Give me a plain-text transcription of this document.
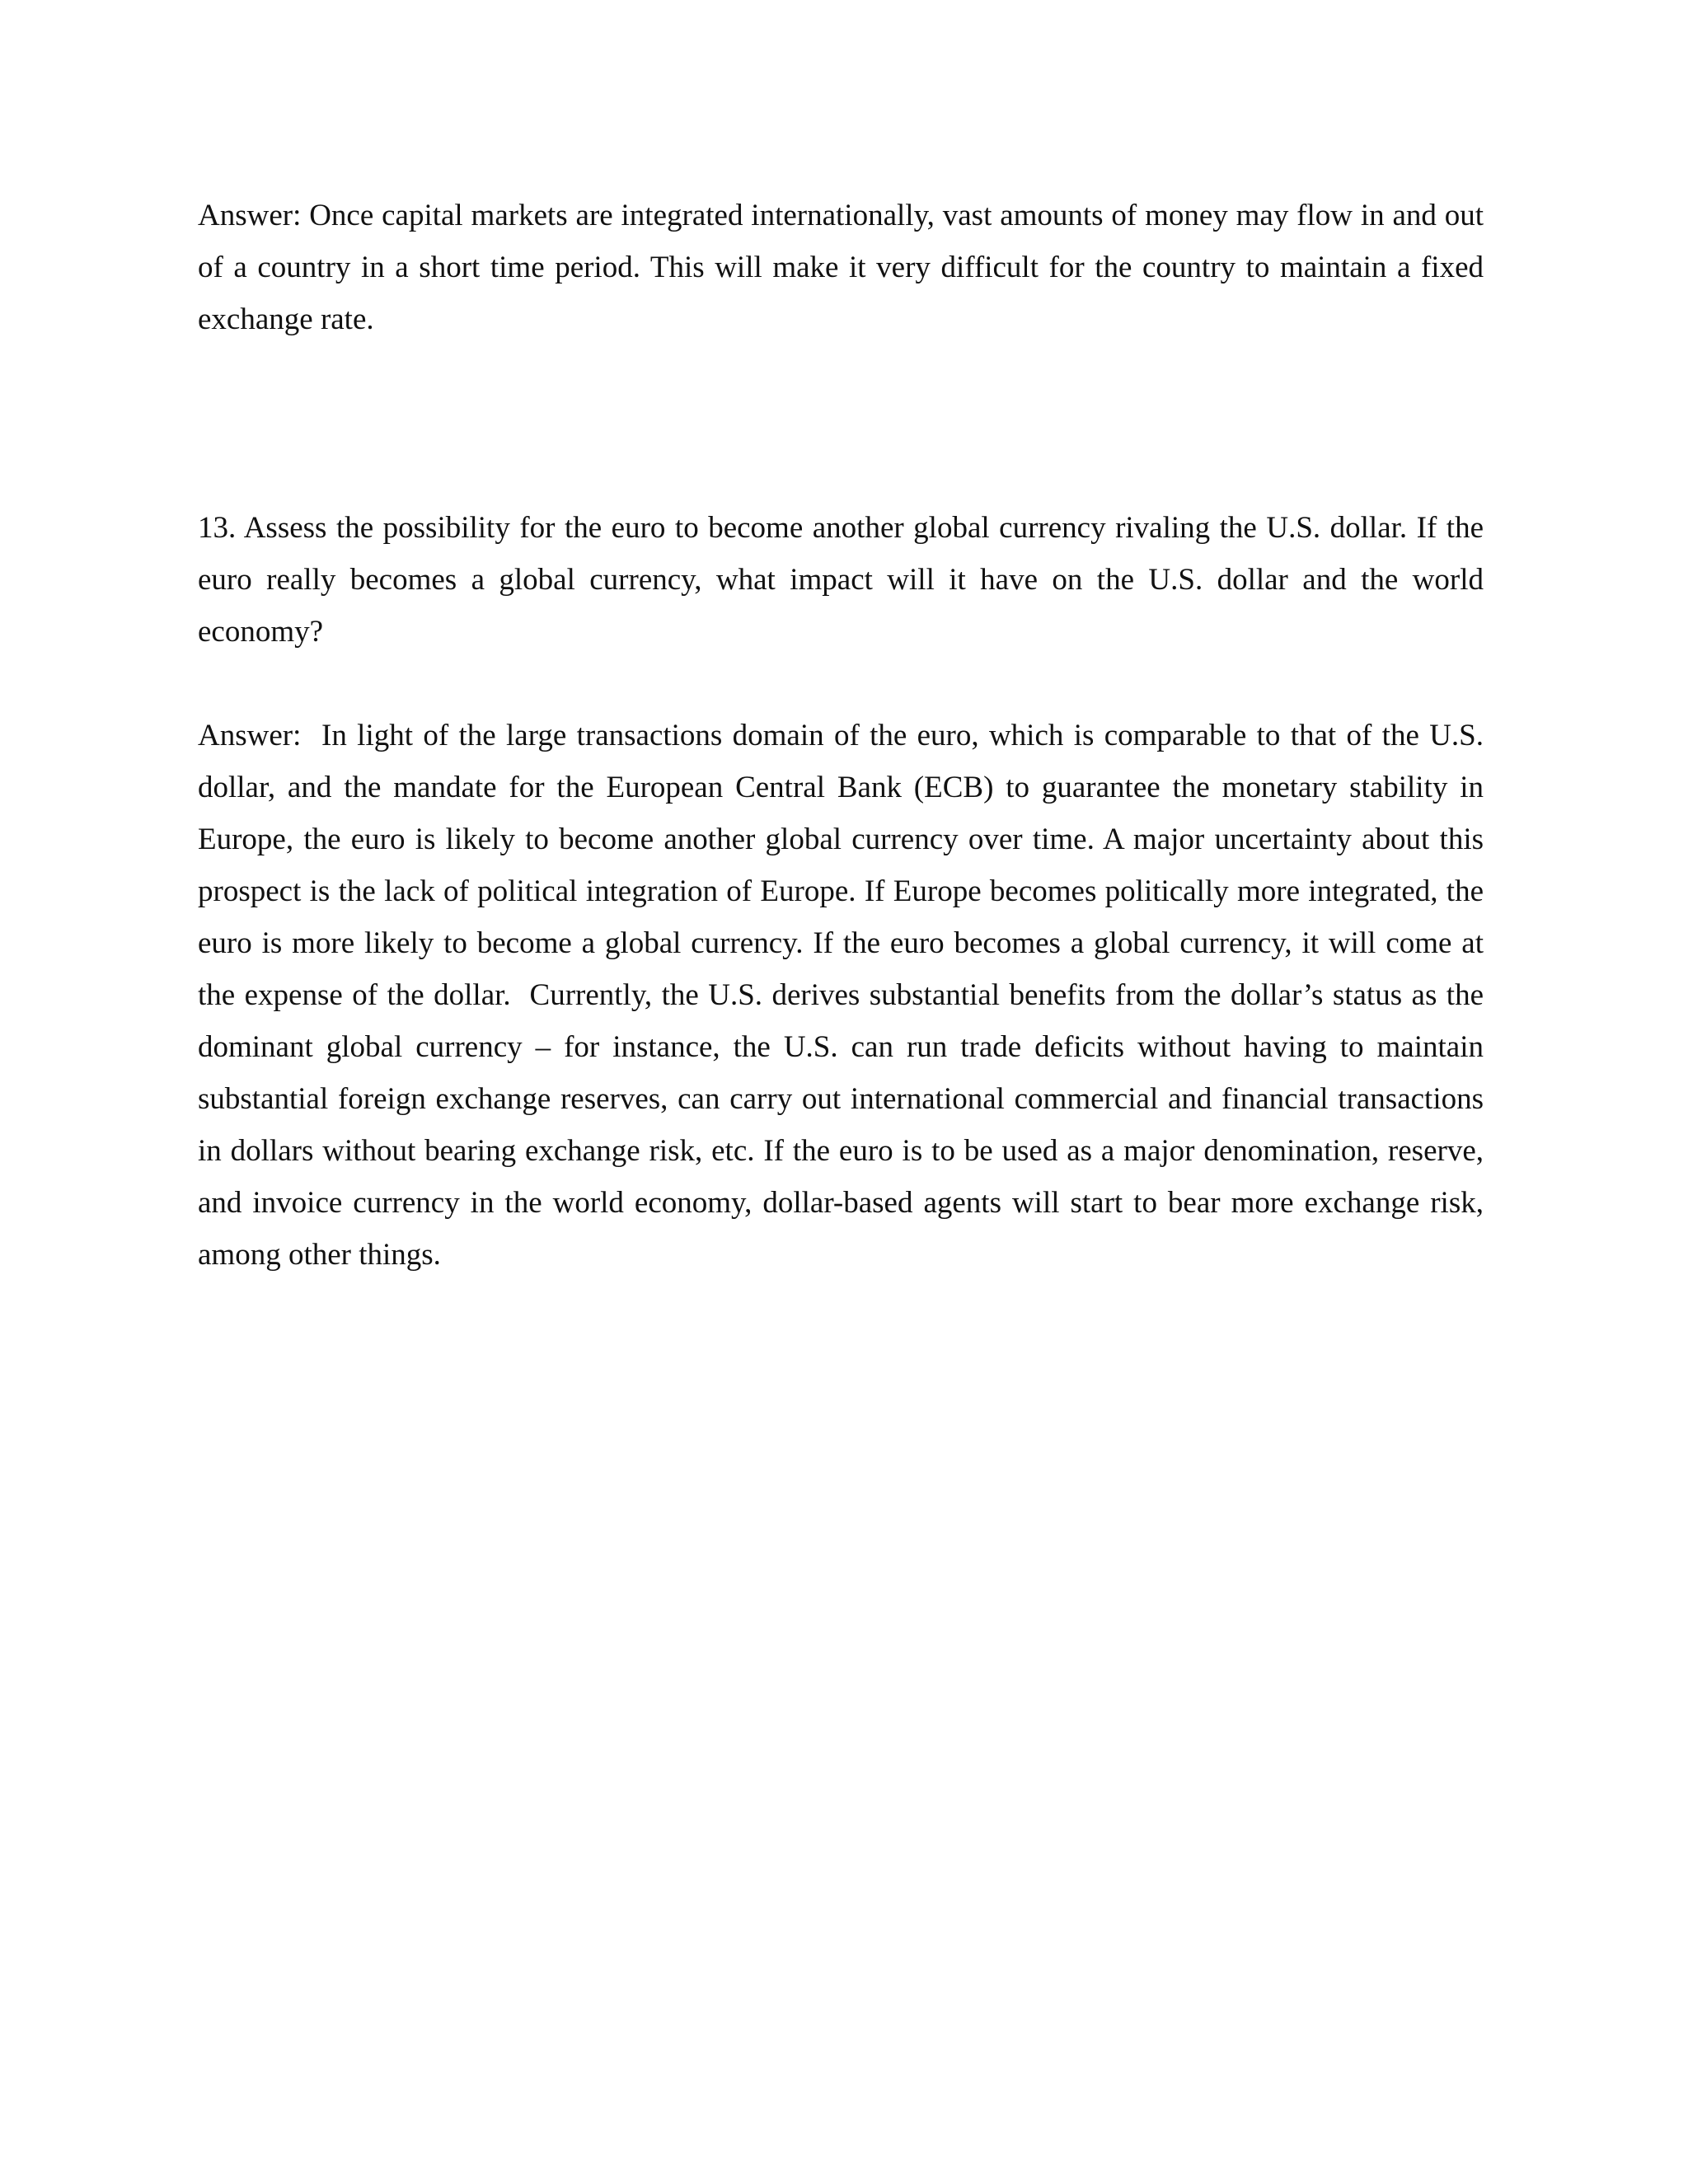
Answer: Once capital markets are integrated internationally, vast amounts of money may flow in and out of a country in a short time period. This will make it very difficult for the country to maintain a fixed exchange rate.

13. Assess the possibility for the euro to become another global currency rivaling the U.S. dollar. If the euro really becomes a global currency, what impact will it have on the U.S. dollar and the world economy?

Answer:  In light of the large transactions domain of the euro, which is comparable to that of the U.S. dollar, and the mandate for the European Central Bank (ECB) to guarantee the monetary stability in Europe, the euro is likely to become another global currency over time. A major uncertainty about this prospect is the lack of political integration of Europe. If Europe becomes politically more integrated, the euro is more likely to become a global currency. If the euro becomes a global currency, it will come at the expense of the dollar.  Currently, the U.S. derives substantial benefits from the dollar’s status as the dominant global currency – for instance, the U.S. can run trade deficits without having to maintain substantial foreign exchange reserves, can carry out international commercial and financial transactions in dollars without bearing exchange risk, etc. If the euro is to be used as a major denomination, reserve, and invoice currency in the world economy, dollar-based agents will start to bear more exchange risk, among other things.
